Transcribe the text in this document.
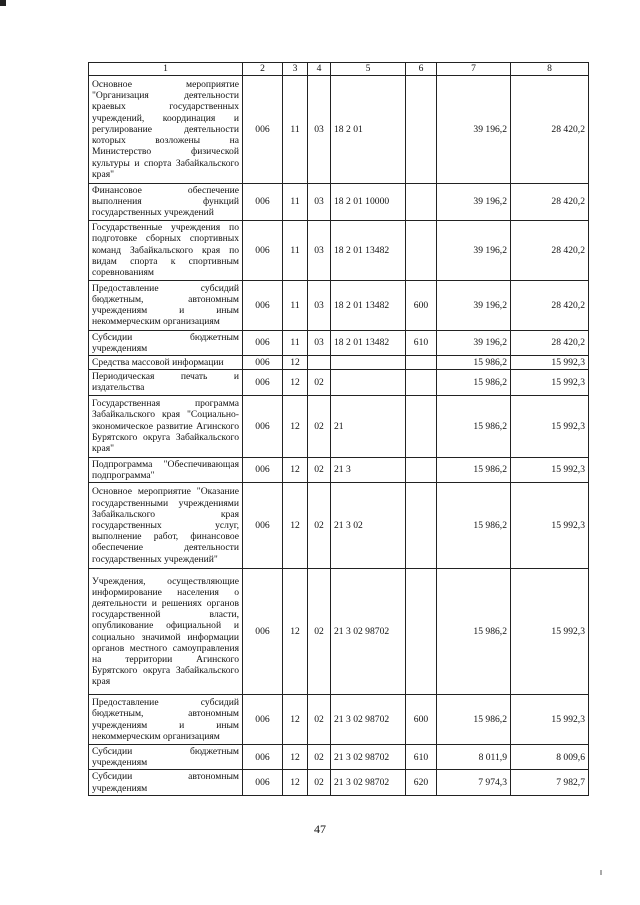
1	2	3	4	5	6	7	8
Основное мероприятие "Организация деятельности краевых государственных учреждений, координация и регулирование деятельности которых возложены на Министерство физической культуры и спорта Забайкальского края"	006	11	03	18 2 01		39 196,2	28 420,2
Финансовое обеспечение выполнения функций государственных учреждений	006	11	03	18 2 01 10000		39 196,2	28 420,2
Государственные учреждения по подготовке сборных спортивных команд Забайкальского края по видам спорта к спортивным соревнованиям	006	11	03	18 2 01 13482		39 196,2	28 420,2
Предоставление субсидий бюджетным, автономным учреждениям и иным некоммерческим организациям	006	11	03	18 2 01 13482	600	39 196,2	28 420,2
Субсидии бюджетным учреждениям	006	11	03	18 2 01 13482	610	39 196,2	28 420,2
Средства массовой информации	006	12				15 986,2	15 992,3
Периодическая печать и издательства	006	12	02			15 986,2	15 992,3
Государственная программа Забайкальского края "Социально-экономическое развитие Агинского Бурятского округа Забайкальского края"	006	12	02	21		15 986,2	15 992,3
Подпрограмма "Обеспечивающая подпрограмма"	006	12	02	21 3		15 986,2	15 992,3
Основное мероприятие "Оказание государственными учреждениями Забайкальского края государственных услуг, выполнение работ, финансовое обеспечение деятельности государственных учреждений"	006	12	02	21 3 02		15 986,2	15 992,3
Учреждения, осуществляющие информирование населения о деятельности и решениях органов государственной власти, опубликование официальной и социально значимой информации органов местного самоуправления на территории Агинского Бурятского округа Забайкальского края	006	12	02	21 3 02 98702		15 986,2	15 992,3
Предоставление субсидий бюджетным, автономным учреждениям и иным некоммерческим организациям	006	12	02	21 3 02 98702	600	15 986,2	15 992,3
Субсидии бюджетным учреждениям	006	12	02	21 3 02 98702	610	8 011,9	8 009,6
Субсидии автономным учреждениям	006	12	02	21 3 02 98702	620	7 974,3	7 982,7
47
